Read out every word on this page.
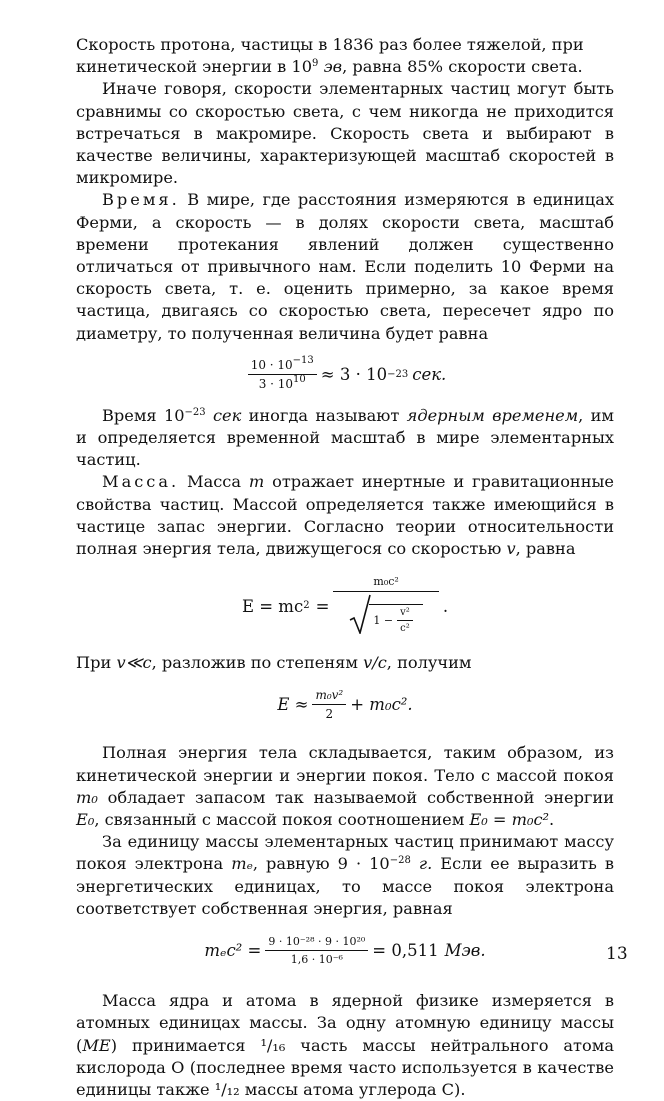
Скорость протона, частицы в 1836 раз более тяжелой, при
кинетической энергии в $10^9$ эв, равна 85% скорости света.

Иначе говоря, скорости элементарных частиц могут быть сравнимы со скоростью света, с чем никогда не приходится встречаться в макромире. Скорость света и выбирают в качестве величины, характеризующей масштаб скоростей в микромире.

Время. В мире, где расстояния измеряются в единицах Ферми, а скорость — в долях скорости света, масштаб времени протекания явлений должен существенно отличаться от привычного нам. Если поделить 10 Ферми на скорость света, т. е. оценить примерно, за какое время частица, двигаясь со скоростью света, пересечет ядро по диаметру, то полученная величина будет равна

$\frac{10 \cdot 10^{-13}}{3 \cdot 10^{10}} \approx 3 \cdot 10 -23$ сек.

Время $10^{-23}$ сек иногда называют ядерным временем, им и определяется временной масштаб в мире элементарных частиц.

Масса. Масса m отражает инертные и гравитационные свойства частиц. Массой определяется также имеющийся в частице запас энергии. Согласно теории относительности полная энергия тела, движущегося со скоростью v, равна

E = mc $2 = \frac{\text{m₀c²}}{1 - \frac{\text{v²}}{\text{c²}}}$ .

При v≪c, разложив по степеням v/c, получим

$E \approx \frac{\text{m₀v²}}{2} + m_0c^2$.

Полная энергия тела складывается, таким образом, из кинетической энергии и энергии покоя. Тело с массой покоя m₀ обладает запасом так называемой собственной энергии E₀, связанный с массой покоя соотношением E₀ = m₀c².

За единицу массы элементарных частиц принимают массу покоя электрона mₑ, равную $9 \cdot 10^{-28}$ г. Если ее выразить в энергетических единицах, то массе покоя электрона соответствует собственная энергия, равная

$m_ec^2 = \frac{\text{9 · 10⁻²⁸ · 9 · 10²⁰}}{\text{1,6 · 10⁻⁶}} = 0,511$ Мэв.

Масса ядра и атома в ядерной физике измеряется в атомных единицах массы. За одну атомную единицу массы (МЕ) принимается ¹/₁₆ часть массы нейтрального атома кислорода O (последнее время часто используется в качестве единицы также ¹/₁₂ массы атома углерода C).

13
